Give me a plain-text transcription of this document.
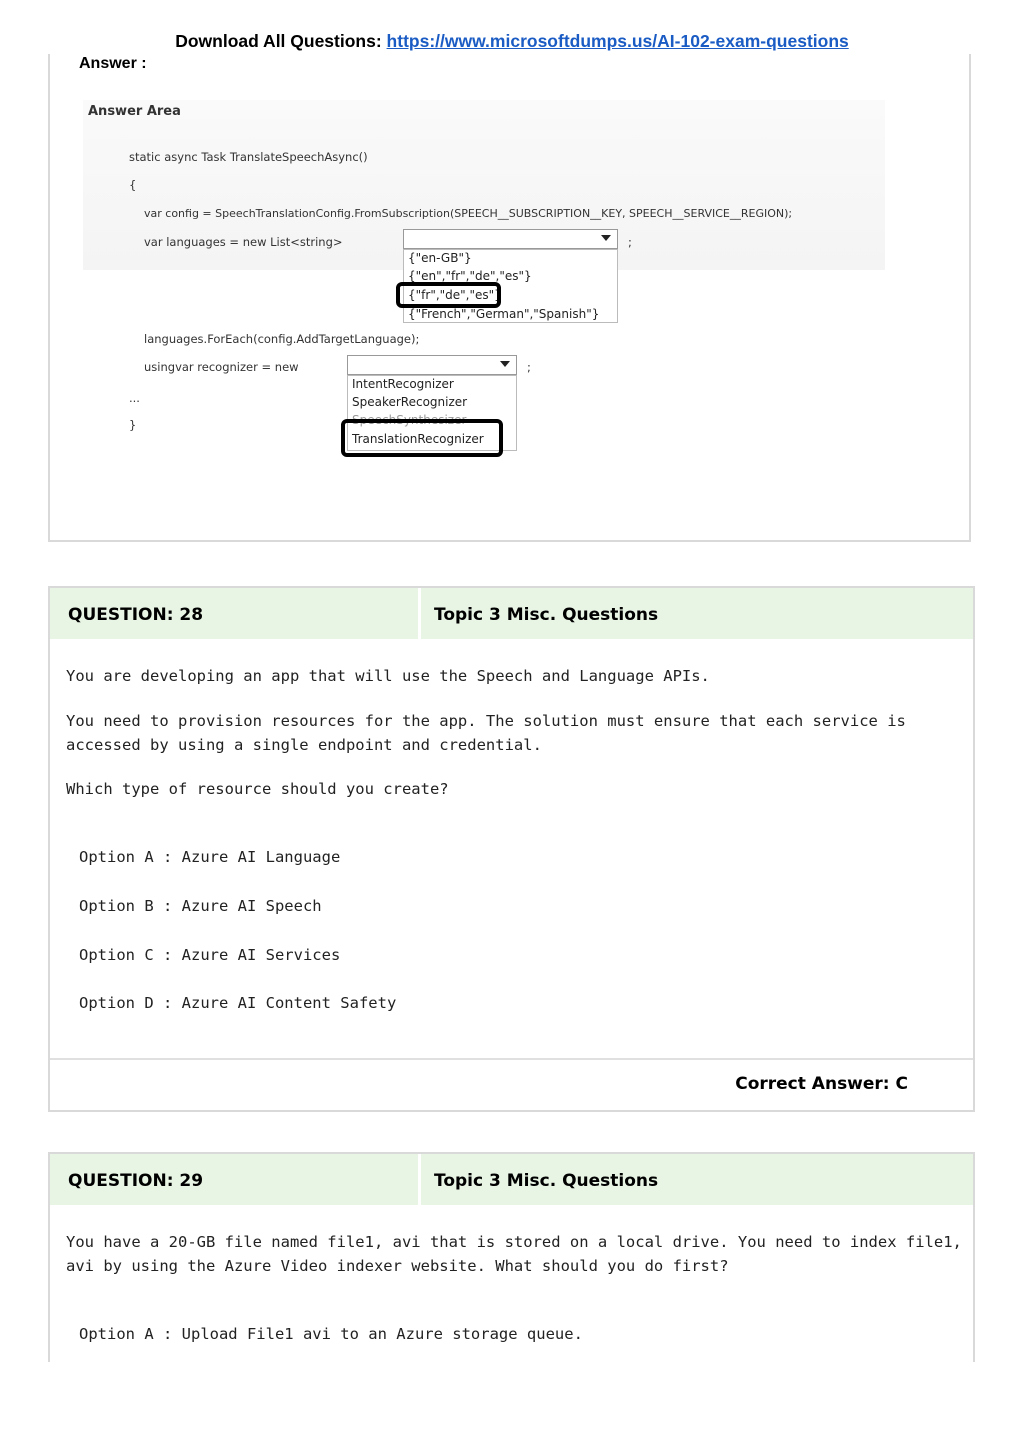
Download All Questions: https://www.microsoftdumps.us/AI-102-exam-questions
Answer :
Answer Area
static async Task TranslateSpeechAsync()
{
var config = SpeechTranslationConfig.FromSubscription(SPEECH__SUBSCRIPTION__KEY, SPEECH__SERVICE__REGION);
var languages = new List<string>	;
{"en-GB"}
{"en","fr","de","es"}
{"fr","de","es"}
{"French","German","Spanish"}
languages.ForEach(config.AddTargetLanguage);
usingvar recognizer = new	;
IntentRecognizer
SpeakerRecognizer
SpeechSynthesizer
TranslationRecognizer
...
}
QUESTION: 28	Topic 3 Misc. Questions
You are developing an app that will use the Speech and Language APIs.
You need to provision resources for the app. The solution must ensure that each service is accessed by using a single endpoint and credential.
Which type of resource should you create?
Option A : Azure AI Language
Option B : Azure AI Speech
Option C : Azure AI Services
Option D : Azure AI Content Safety
Correct Answer: C
QUESTION: 29	Topic 3 Misc. Questions
You have a 20-GB file named file1, avi that is stored on a local drive. You need to index file1, avi by using the Azure Video indexer website. What should you do first?
Option A : Upload File1 avi to an Azure storage queue.
